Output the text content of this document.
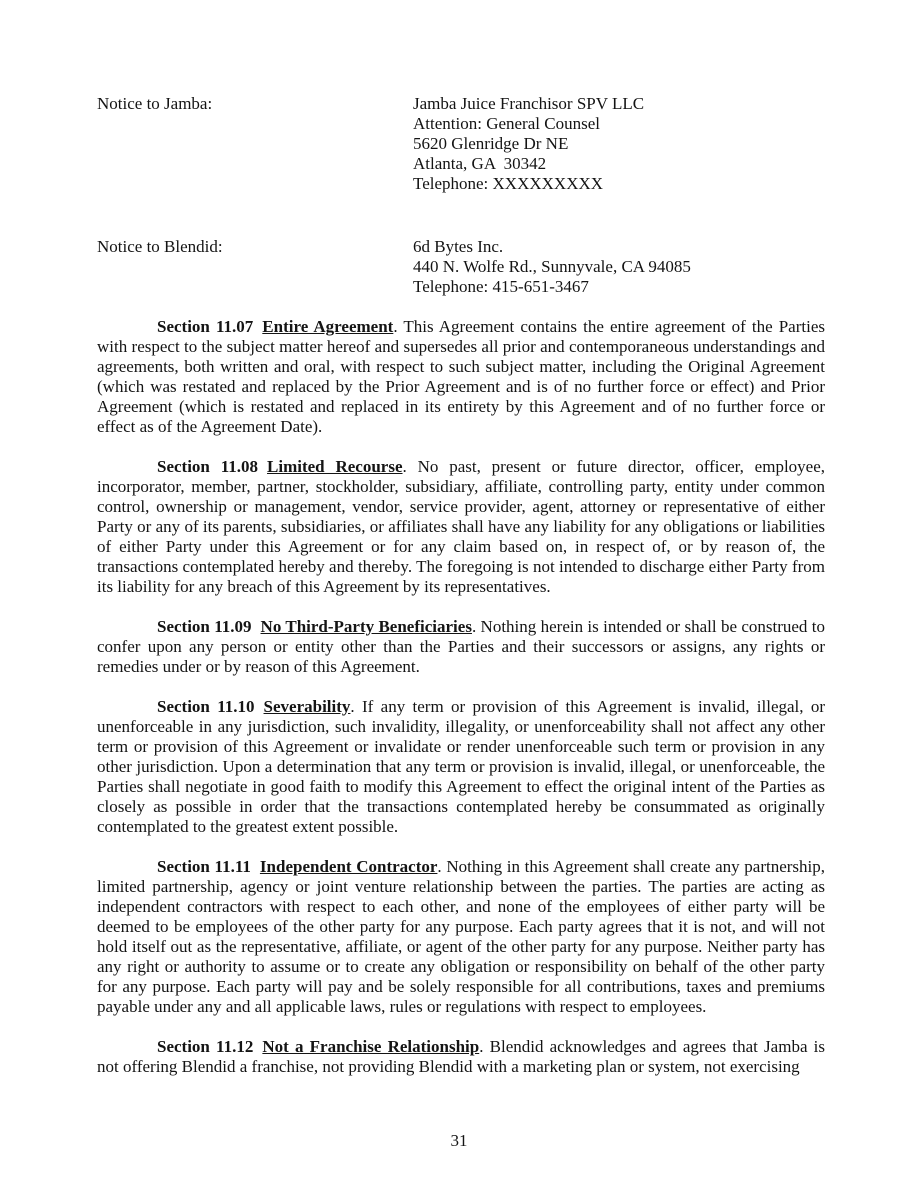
Notice to Jamba:	Jamba Juice Franchisor SPV LLC
Attention: General Counsel
5620 Glenridge Dr NE
Atlanta, GA  30342
Telephone: XXXXXXXXX
Notice to Blendid:	6d Bytes Inc.
440 N. Wolfe Rd., Sunnyvale, CA 94085
Telephone: 415-651-3467

Section 11.07 Entire Agreement. This Agreement contains the entire agreement of the Parties with respect to the subject matter hereof and supersedes all prior and contemporaneous understandings and agreements, both written and oral, with respect to such subject matter, including the Original Agreement (which was restated and replaced by the Prior Agreement and is of no further force or effect) and Prior Agreement (which is restated and replaced in its entirety by this Agreement and of no further force or effect as of the Agreement Date).

Section 11.08 Limited Recourse. No past, present or future director, officer, employee, incorporator, member, partner, stockholder, subsidiary, affiliate, controlling party, entity under common control, ownership or management, vendor, service provider, agent, attorney or representative of either Party or any of its parents, subsidiaries, or affiliates shall have any liability for any obligations or liabilities of either Party under this Agreement or for any claim based on, in respect of, or by reason of, the transactions contemplated hereby and thereby. The foregoing is not intended to discharge either Party from its liability for any breach of this Agreement by its representatives.

Section 11.09 No Third-Party Beneficiaries. Nothing herein is intended or shall be construed to confer upon any person or entity other than the Parties and their successors or assigns, any rights or remedies under or by reason of this Agreement.

Section 11.10 Severability. If any term or provision of this Agreement is invalid, illegal, or unenforceable in any jurisdiction, such invalidity, illegality, or unenforceability shall not affect any other term or provision of this Agreement or invalidate or render unenforceable such term or provision in any other jurisdiction. Upon a determination that any term or provision is invalid, illegal, or unenforceable, the Parties shall negotiate in good faith to modify this Agreement to effect the original intent of the Parties as closely as possible in order that the transactions contemplated hereby be consummated as originally contemplated to the greatest extent possible.

Section 11.11 Independent Contractor. Nothing in this Agreement shall create any partnership, limited partnership, agency or joint venture relationship between the parties. The parties are acting as independent contractors with respect to each other, and none of the employees of either party will be deemed to be employees of the other party for any purpose. Each party agrees that it is not, and will not hold itself out as the representative, affiliate, or agent of the other party for any purpose. Neither party has any right or authority to assume or to create any obligation or responsibility on behalf of the other party for any purpose. Each party will pay and be solely responsible for all contributions, taxes and premiums payable under any and all applicable laws, rules or regulations with respect to employees.

Section 11.12 Not a Franchise Relationship. Blendid acknowledges and agrees that Jamba is not offering Blendid a franchise, not providing Blendid with a marketing plan or system, not exercising

31
